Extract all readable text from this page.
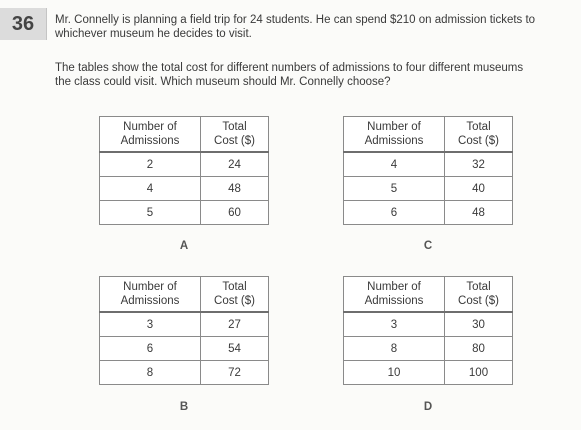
36	Mr. Connelly is planning a field trip for 24 students. He can spend $210 on admission tickets to
whichever museum he decides to visit.

The tables show the total cost for different numbers of admissions to four different museums
the class could visit. Which museum should Mr. Connelly choose?

Number of
Admissions	Total
Cost ($)
2	24
4	48
5	60
A
Number of
Admissions	Total
Cost ($)
4	32
5	40
6	48
C
Number of
Admissions	Total
Cost ($)
3	27
6	54
8	72
B
Number of
Admissions	Total
Cost ($)
3	30
8	80
10	100
D
